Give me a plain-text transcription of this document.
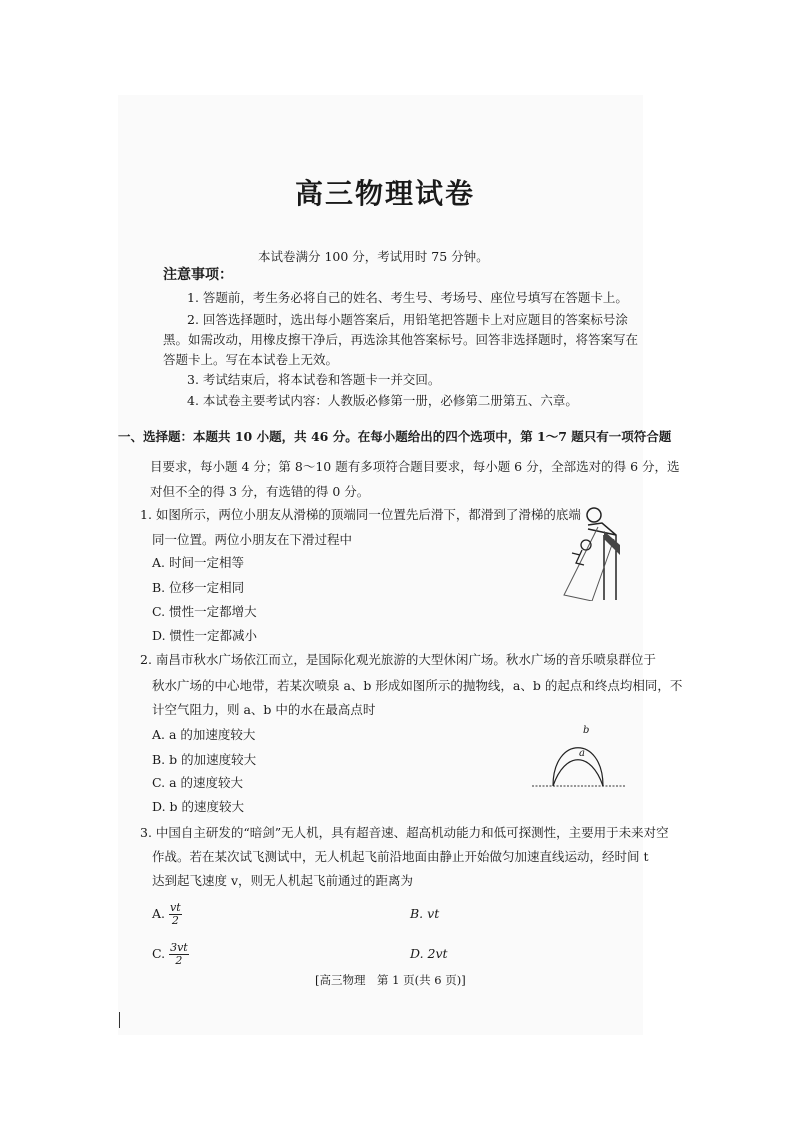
高三物理试卷
本试卷满分 100 分，考试用时 75 分钟。
注意事项：
1. 答题前，考生务必将自己的姓名、考生号、考场号、座位号填写在答题卡上。
2. 回答选择题时，选出每小题答案后，用铅笔把答题卡上对应题目的答案标号涂
黑。如需改动，用橡皮擦干净后，再选涂其他答案标号。回答非选择题时，将答案写在
答题卡上。写在本试卷上无效。
3. 考试结束后，将本试卷和答题卡一并交回。
4. 本试卷主要考试内容：人教版必修第一册，必修第二册第五、六章。
一、选择题：本题共 10 小题，共 46 分。在每小题给出的四个选项中，第 1～7 题只有一项符合题
目要求，每小题 4 分；第 8～10 题有多项符合题目要求，每小题 6 分，全部选对的得 6 分，选
对但不全的得 3 分，有选错的得 0 分。
1. 如图所示，两位小朋友从滑梯的顶端同一位置先后滑下，都滑到了滑梯的底端
同一位置。两位小朋友在下滑过程中
A. 时间一定相等
B. 位移一定相同
C. 惯性一定都增大
D. 惯性一定都减小
2. 南昌市秋水广场依江而立，是国际化观光旅游的大型休闲广场。秋水广场的音乐喷泉群位于
秋水广场的中心地带，若某次喷泉 a、b 形成如图所示的抛物线，a、b 的起点和终点均相同，不
计空气阻力，则 a、b 中的水在最高点时
A. a 的加速度较大
B. b 的加速度较大
C. a 的速度较大
D. b 的速度较大
b
a
3. 中国自主研发的“暗剑”无人机，具有超音速、超高机动能力和低可探测性，主要用于未来对空
作战。若在某次试飞测试中，无人机起飞前沿地面由静止开始做匀加速直线运动，经时间 t
达到起飞速度 v，则无人机起飞前通过的距离为
A. $\frac{vt}{2}$	B. vt
C. $\frac{3vt}{2}$	D. 2vt
[高三物理　第 1 页(共 6 页)]
